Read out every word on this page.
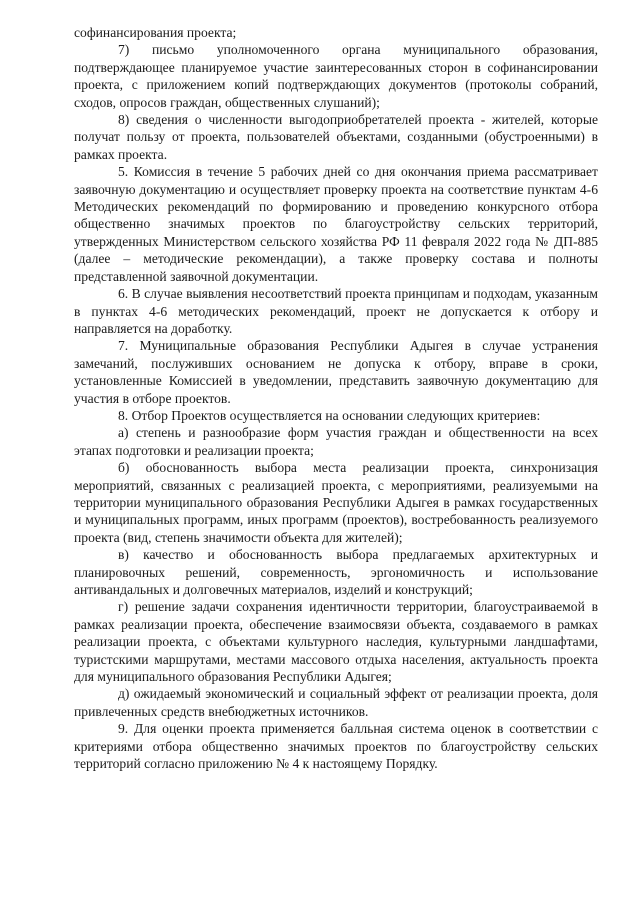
софинансирования проекта;

7) письмо уполномоченного органа муниципального образования, подтверждающее планируемое участие заинтересованных сторон в софинансировании проекта, с приложением копий подтверждающих документов (протоколы собраний, сходов, опросов граждан, общественных слушаний);

8) сведения о численности выгодоприобретателей проекта - жителей, которые получат пользу от проекта, пользователей объектами, созданными (обустроенными) в рамках проекта.

5. Комиссия в течение 5 рабочих дней со дня окончания приема рассматривает заявочную документацию и осуществляет проверку проекта на соответствие пунктам 4-6 Методических рекомендаций по формированию и проведению конкурсного отбора общественно значимых проектов по благоустройству сельских территорий, утвержденных Министерством сельского хозяйства РФ 11 февраля 2022 года № ДП-885 (далее – методические рекомендации), а также проверку состава и полноты представленной заявочной документации.

6. В случае выявления несоответствий проекта принципам и подходам, указанным в пунктах 4-6 методических рекомендаций, проект не допускается к отбору и направляется на доработку.

7. Муниципальные образования Республики Адыгея в случае устранения замечаний, послуживших основанием не допуска к отбору, вправе в сроки, установленные Комиссией в уведомлении, представить заявочную документацию для участия в отборе проектов.

8. Отбор Проектов осуществляется на основании следующих критериев:

а) степень и разнообразие форм участия граждан и общественности на всех этапах подготовки и реализации проекта;

б) обоснованность выбора места реализации проекта, синхронизация мероприятий, связанных с реализацией проекта, с мероприятиями, реализуемыми на территории муниципального образования Республики Адыгея в рамках государственных и муниципальных программ, иных программ (проектов), востребованность реализуемого проекта (вид, степень значимости объекта для жителей);

в) качество и обоснованность выбора предлагаемых архитектурных и планировочных решений, современность, эргономичность и использование антивандальных и долговечных материалов, изделий и конструкций;

г) решение задачи сохранения идентичности территории, благоустраиваемой в рамках реализации проекта, обеспечение взаимосвязи объекта, создаваемого в рамках реализации проекта, с объектами культурного наследия, культурными ландшафтами, туристскими маршрутами, местами массового отдыха населения, актуальность проекта для муниципального образования Республики Адыгея;

д) ожидаемый экономический и социальный эффект от реализации проекта, доля привлеченных средств внебюджетных источников.

9. Для оценки проекта применяется балльная система оценок в соответствии с критериями отбора общественно значимых проектов по благоустройству сельских территорий согласно приложению № 4 к настоящему Порядку.
